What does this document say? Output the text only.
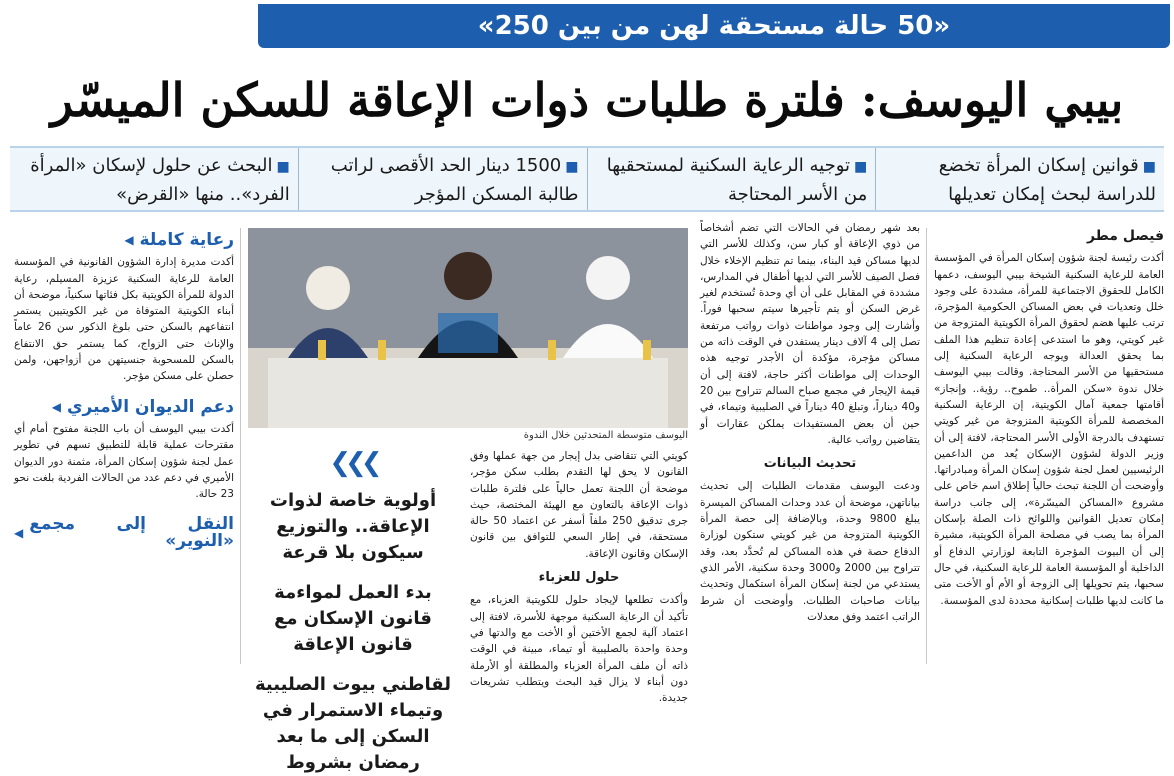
«50 حالة مستحقة لهن من بين 250»
بيبي اليوسف: فلترة طلبات ذوات الإعاقة للسكن الميسّر
■قوانين إسكان المرأة تخضع للدراسة لبحث إمكان تعديلها
■توجيه الرعاية السكنية لمستحقيها من الأسر المحتاجة
■1500 دينار الحد الأقصى لراتب طالبة المسكن المؤجر
■البحث عن حلول لإسكان «المرأة الفرد».. منها «القرض»
فيصل مطر

أكدت رئيسة لجنة شؤون إسكان المرأة في المؤسسة العامة للرعاية السكنية الشيخة بيبي اليوسف، دعمها الكامل للحقوق الاجتماعية للمرأة، مشددة على وجود خلل وتعديات في بعض المساكن الحكومية المؤجرة، ترتب عليها هضم لحقوق المرأة الكويتية المتزوجة من غير كويتي، وهو ما استدعى إعادة تنظيم هذا الملف بما يحقق العدالة ويوجه الرعاية السكنية إلى مستحقيها من الأسر المحتاجة. وقالت بيبي اليوسف خلال ندوة «سكن المرأة.. طموح.. رؤية.. وإنجاز» أقامتها جمعية آمال الكويتية، إن الرعاية السكنية المخصصة للمرأة الكويتية المتزوجة من غير كويتي تستهدف بالدرجة الأولى الأسر المحتاجة، لافتة إلى أن وزير الدولة لشؤون الإسكان يُعد من الداعمين الرئيسيين لعمل لجنة شؤون إسكان المرأة ومبادراتها. وأوضحت أن اللجنة تبحث حالياً إطلاق اسم خاص على مشروع «المساكن الميسّرة»، إلى جانب دراسة إمكان تعديل القوانين واللوائح ذات الصلة بإسكان المرأة بما يصب في مصلحة المرأة الكويتية، مشيرة إلى أن البيوت المؤجرة التابعة لوزارتي الدفاع أو الداخلية أو المؤسسة العامة للرعاية السكنية، في حال سحبها، يتم تحويلها إلى الزوجة أو الأم أو الأخت متى ما كانت لديها طلبات إسكانية محددة لدى المؤسسة.

بعد شهر رمضان في الحالات التي تضم أشخاصاً من ذوي الإعاقة أو كبار سن، وكذلك للأسر التي لديها مساكن قيد البناء، بينما تم تنظيم الإخلاء خلال فصل الصيف للأسر التي لديها أطفال في المدارس، مشددة في المقابل على أن أي وحدة تُستخدم لغير غرض السكن أو يتم تأجيرها سيتم سحبها فوراً. وأشارت إلى وجود مواطنات ذوات رواتب مرتفعة تصل إلى 4 آلاف دينار يستفدن في الوقت ذاته من مساكن مؤجرة، مؤكدة أن الأجدر توجيه هذه الوحدات إلى مواطنات أكثر حاجة، لافتة إلى أن قيمة الإيجار في مجمع صباح السالم تتراوح بين 20 و40 ديناراً، وتبلغ 40 ديناراً في الصليبية وتيماء، في حين أن بعض المستفيدات يملكن عقارات أو يتقاضين رواتب عالية.

تحديث البيانات

ودعت اليوسف مقدمات الطلبات إلى تحديث بياناتهن، موضحة أن عدد وحدات المساكن الميسرة يبلغ 9800 وحدة، وبالإضافة إلى حصة المرأة الكويتية المتزوجة من غير كويتي ستكون لوزارة الدفاع حصة في هذه المساكن لم تُحدَّد بعد، وقد تتراوح بين 2000 و3000 وحدة سكنية، الأمر الذي يستدعي من لجنة إسكان المرأة استكمال وتحديث بيانات صاحبات الطلبات. وأوضحت أن شرط الراتب اعتمد وفق معدلات

اليوسف متوسطة المتحدثين خلال الندوة

كويتي التي تتقاضى بدل إيجار من جهة عملها وفق القانون لا يحق لها التقدم بطلب سكن مؤجر، موضحة أن اللجنة تعمل حالياً على فلترة طلبات ذوات الإعاقة بالتعاون مع الهيئة المختصة، حيث جرى تدقيق 250 ملفاً أسفر عن اعتماد 50 حالة مستحقة، في إطار السعي للتوافق بين قانون الإسكان وقانون الإعاقة.

حلول للعزباء

وأكدت تطلعها لإيجاد حلول للكويتية العزباء، مع تأكيد أن الرعاية السكنية موجهة للأسرة، لافتة إلى اعتماد آلية لجمع الأختين أو الأخت مع والدتها في وحدة واحدة بالصليبية أو تيماء، مبينة في الوقت ذاته أن ملف المرأة العزباء والمطلقة أو الأرملة دون أبناء لا يزال قيد البحث ويتطلب تشريعات جديدة.

❯❯❯

أولوية خاصة لذوات الإعاقة.. والتوزيع سيكون بلا قرعة

بدء العمل لمواءمة قانون الإسكان مع قانون الإعاقة

لقاطني بيوت الصليبية وتيماء الاستمرار في السكن إلى ما بعد رمضان بشروط

رعاية كاملة
◀

أكدت مديرة إدارة الشؤون القانونية في المؤسسة العامة للرعاية السكنية عزيزة المسيلم، رعاية الدولة للمرأة الكويتية بكل فئاتها سكنياً، موضحة أن أبناء الكويتية المتوفاة من غير الكويتيين يستمر انتفاعهم بالسكن حتى بلوغ الذكور سن 26 عاماً والإناث حتى الزواج، كما يستمر حق الانتفاع بالسكن للمسحوبة جنسيتهن من أزواجهن، ولمن حصلن على مسكن مؤجر.

دعم الديوان الأميري
◀

أكدت بيبي اليوسف أن باب اللجنة مفتوح أمام أي مقترحات عملية قابلة للتطبيق تسهم في تطوير عمل لجنة شؤون إسكان المرأة، مثمنة دور الديوان الأميري في دعم عدد من الحالات الفردية بلغت نحو 23 حالة.

النقل إلى مجمع «النوير»
◀
